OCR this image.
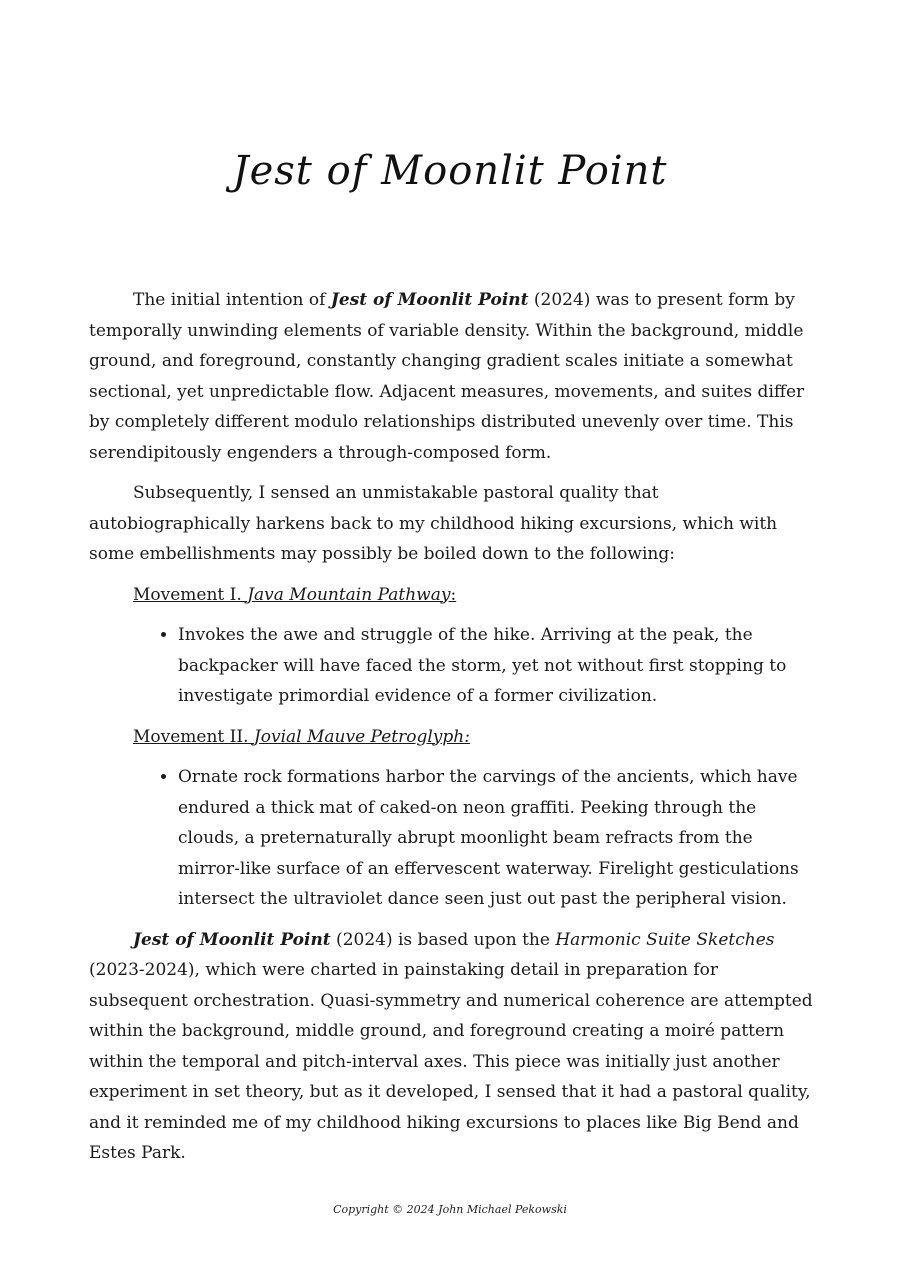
Jest of Moonlit Point

The initial intention of Jest of Moonlit Point (2024) was to present form by temporally unwinding elements of variable density. Within the background, middle ground, and foreground, constantly changing gradient scales initiate a somewhat sectional, yet unpredictable flow. Adjacent measures, movements, and suites differ by completely different modulo relationships distributed unevenly over time. This serendipitously engenders a through-composed form.

Subsequently, I sensed an unmistakable pastoral quality that autobiographically harkens back to my childhood hiking excursions, which with some embellishments may possibly be boiled down to the following:

Movement I. Java Mountain Pathway:
• Invokes the awe and struggle of the hike. Arriving at the peak, the backpacker will have faced the storm, yet not without first stopping to investigate primordial evidence of a former civilization.
Movement II. Jovial Mauve Petroglyph:
• Ornate rock formations harbor the carvings of the ancients, which have endured a thick mat of caked-on neon graffiti. Peeking through the clouds, a preternaturally abrupt moonlight beam refracts from the mirror-like surface of an effervescent waterway. Firelight gesticulations intersect the ultraviolet dance seen just out past the peripheral vision.

Jest of Moonlit Point (2024) is based upon the Harmonic Suite Sketches (2023-2024), which were charted in painstaking detail in preparation for subsequent orchestration. Quasi-symmetry and numerical coherence are attempted within the background, middle ground, and foreground creating a moiré pattern within the temporal and pitch-interval axes. This piece was initially just another experiment in set theory, but as it developed, I sensed that it had a pastoral quality, and it reminded me of my childhood hiking excursions to places like Big Bend and Estes Park.

Copyright © 2024 John Michael Pekowski
